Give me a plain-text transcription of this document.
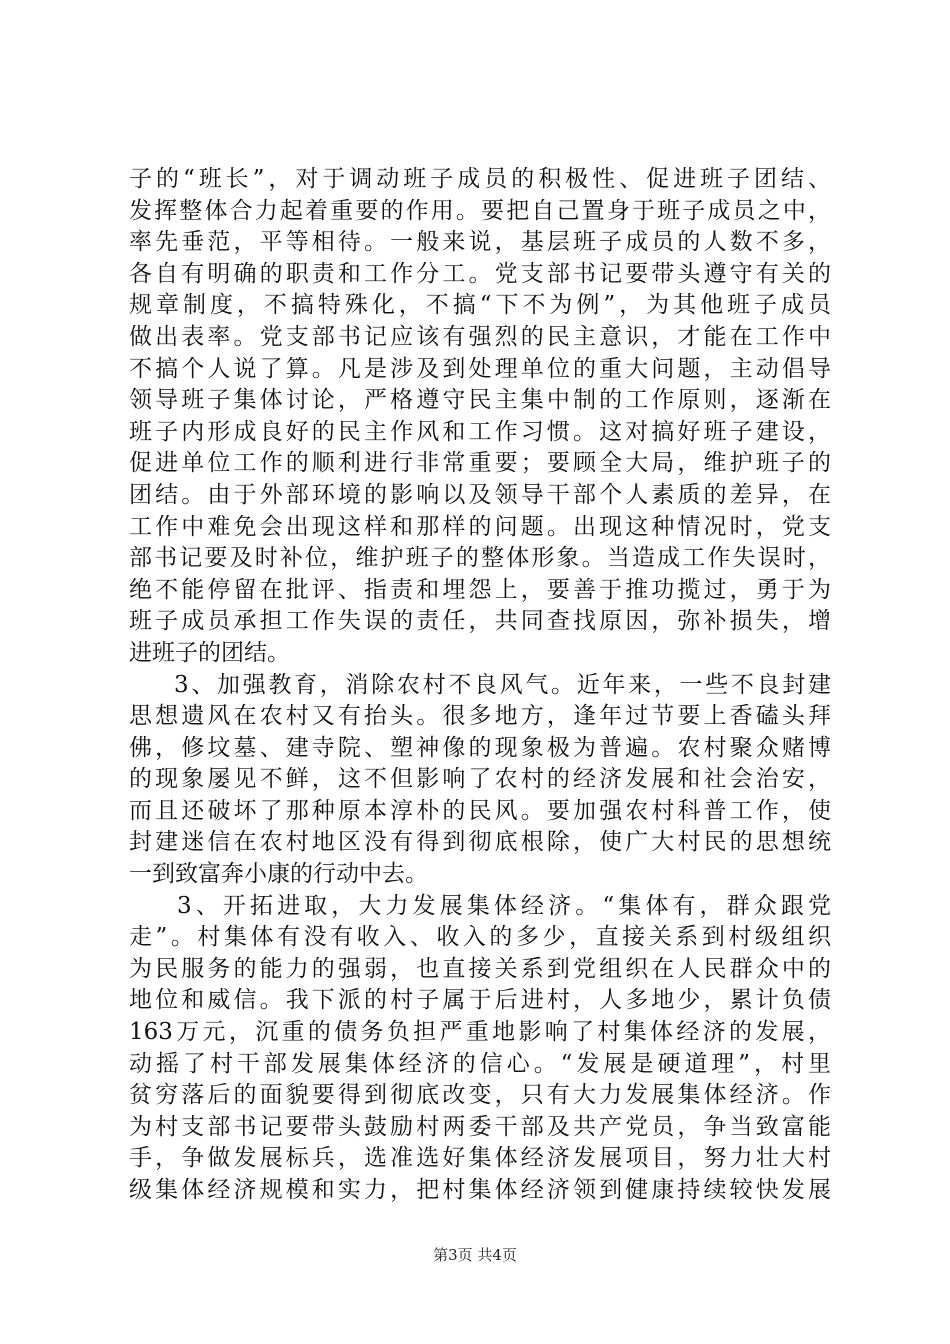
子的“班长”，对于调动班子成员的积极性、促进班子团结、
发挥整体合力起着重要的作用。要把自己置身于班子成员之中，
率先垂范，平等相待。一般来说，基层班子成员的人数不多，
各自有明确的职责和工作分工。党支部书记要带头遵守有关的
规章制度，不搞特殊化，不搞“下不为例”，为其他班子成员
做出表率。党支部书记应该有强烈的民主意识，才能在工作中
不搞个人说了算。凡是涉及到处理单位的重大问题，主动倡导
领导班子集体讨论，严格遵守民主集中制的工作原则，逐渐在
班子内形成良好的民主作风和工作习惯。这对搞好班子建设，
促进单位工作的顺利进行非常重要；要顾全大局，维护班子的
团结。由于外部环境的影响以及领导干部个人素质的差异，在
工作中难免会出现这样和那样的问题。出现这种情况时，党支
部书记要及时补位，维护班子的整体形象。当造成工作失误时，
绝不能停留在批评、指责和埋怨上，要善于推功揽过，勇于为
班子成员承担工作失误的责任，共同查找原因，弥补损失，增
进班子的团结。
3、加强教育，消除农村不良风气。近年来，一些不良封建
思想遗风在农村又有抬头。很多地方，逢年过节要上香磕头拜
佛，修坟墓、建寺院、塑神像的现象极为普遍。农村聚众赌博
的现象屡见不鲜，这不但影响了农村的经济发展和社会治安，
而且还破坏了那种原本淳朴的民风。要加强农村科普工作，使
封建迷信在农村地区没有得到彻底根除，使广大村民的思想统
一到致富奔小康的行动中去。
3、开拓进取，大力发展集体经济。“集体有，群众跟党
走”。村集体有没有收入、收入的多少，直接关系到村级组织
为民服务的能力的强弱，也直接关系到党组织在人民群众中的
地位和威信。我下派的村子属于后进村，人多地少，累计负债
163万元，沉重的债务负担严重地影响了村集体经济的发展，
动摇了村干部发展集体经济的信心。“发展是硬道理”，村里
贫穷落后的面貌要得到彻底改变，只有大力发展集体经济。作
为村支部书记要带头鼓励村两委干部及共产党员，争当致富能
手，争做发展标兵，选准选好集体经济发展项目，努力壮大村
级集体经济规模和实力，把村集体经济领到健康持续较快发展
第3页 共4页
